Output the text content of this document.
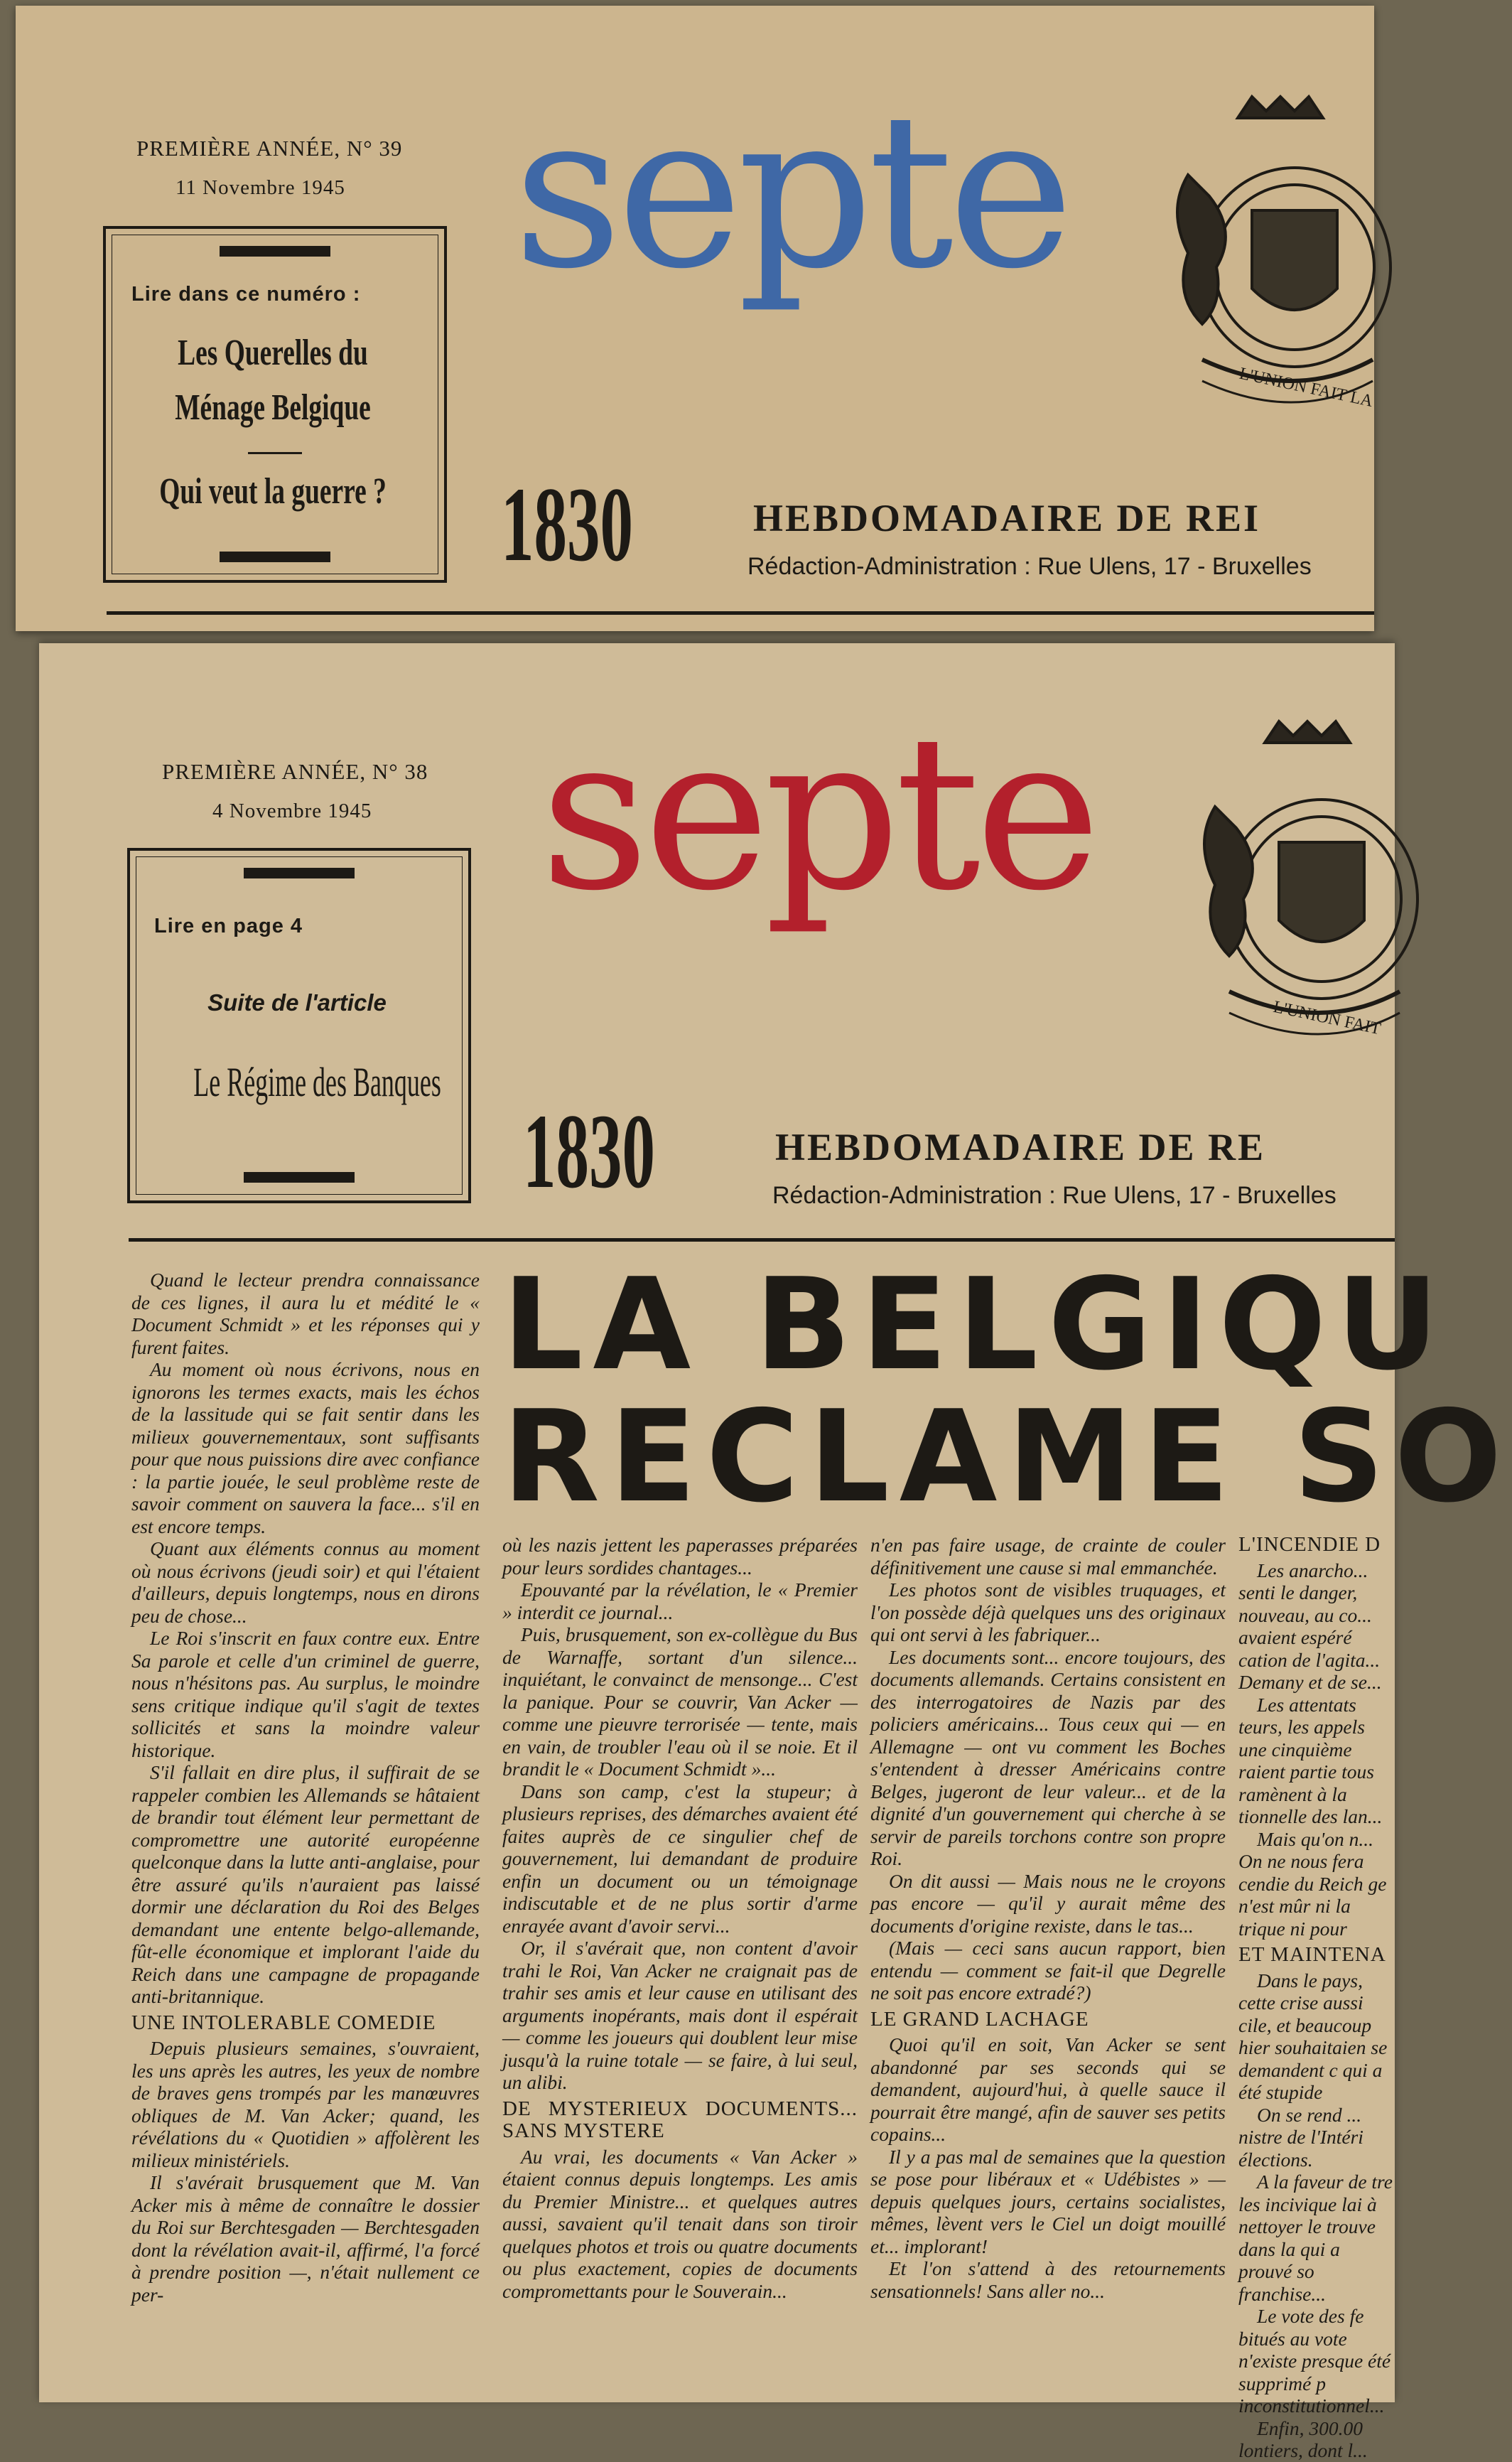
PREMIÈRE ANNÉE, N° 39
11 Novembre 1945
Lire dans ce numéro :
Les Querelles du
Ménage Belgique
Qui veut la guerre ?
septe
L'UNION FAIT LA
1830	HEBDOMADAIRE DE REI
Rédaction-Administration : Rue Ulens, 17 - Bruxelles
PREMIÈRE ANNÉE, N° 38
4 Novembre 1945
Lire en page 4
Suite de l'article
Le Régime des Banques
septe
L'UNION FAIT
1830	HEBDOMADAIRE DE RE
Rédaction-Administration : Rue Ulens, 17 - Bruxelles
LA BELGIQU
RECLAME SO

Quand le lecteur prendra connaissance de ces lignes, il aura lu et médité le « Document Schmidt » et les réponses qui y furent faites.

Au moment où nous écrivons, nous en ignorons les termes exacts, mais les échos de la lassitude qui se fait sentir dans les milieux gouvernementaux, sont suffisants pour que nous puissions dire avec confiance : la partie jouée, le seul problème reste de savoir comment on sauvera la face... s'il en est encore temps.

Quant aux éléments connus au moment où nous écrivons (jeudi soir) et qui l'étaient d'ailleurs, depuis longtemps, nous en dirons peu de chose...

Le Roi s'inscrit en faux contre eux. Entre Sa parole et celle d'un criminel de guerre, nous n'hésitons pas. Au surplus, le moindre sens critique indique qu'il s'agit de textes sollicités et sans la moindre valeur historique.

S'il fallait en dire plus, il suffirait de se rappeler combien les Allemands se hâtaient de brandir tout élément leur permettant de compromettre une autorité européenne quelconque dans la lutte anti-anglaise, pour être assuré qu'ils n'auraient pas laissé dormir une déclaration du Roi des Belges demandant une entente belgo-allemande, fût-elle économique et implorant l'aide du Reich dans une campagne de propagande anti-britannique.

UNE INTOLERABLE COMEDIE

Depuis plusieurs semaines, s'ouvraient, les uns après les autres, les yeux de nombre de braves gens trompés par les manœuvres obliques de M. Van Acker; quand, les révélations du « Quotidien » affolèrent les milieux ministériels.

Il s'avérait brusquement que M. Van Acker mis à même de connaître le dossier du Roi sur Berchtesgaden — Berchtesgaden dont la révélation avait-il, affirmé, l'a forcé à prendre position —, n'était nullement ce per-

où les nazis jettent les paperasses préparées pour leurs sordides chantages...

Epouvanté par la révélation, le « Premier » interdit ce journal...

Puis, brusquement, son ex-collègue du Bus de Warnaffe, sortant d'un silence... inquiétant, le convainct de mensonge... C'est la panique. Pour se couvrir, Van Acker — comme une pieuvre terrorisée — tente, mais en vain, de troubler l'eau où il se noie. Et il brandit le « Document Schmidt »...

Dans son camp, c'est la stupeur; à plusieurs reprises, des démarches avaient été faites auprès de ce singulier chef de gouvernement, lui demandant de produire enfin un document ou un témoignage indiscutable et de ne plus sortir d'arme enrayée avant d'avoir servi...

Or, il s'avérait que, non content d'avoir trahi le Roi, Van Acker ne craignait pas de trahir ses amis et leur cause en utilisant des arguments inopérants, mais dont il espérait — comme les joueurs qui doublent leur mise jusqu'à la ruine totale — se faire, à lui seul, un alibi.

DE MYSTERIEUX DOCUMENTS... SANS MYSTERE

Au vrai, les documents « Van Acker » étaient connus depuis longtemps. Les amis du Premier Ministre... et quelques autres aussi, savaient qu'il tenait dans son tiroir quelques photos et trois ou quatre documents ou plus exactement, copies de documents compromettants pour le Souverain...

n'en pas faire usage, de crainte de couler définitivement une cause si mal emmanchée.

Les photos sont de visibles truquages, et l'on possède déjà quelques uns des originaux qui ont servi à les fabriquer...

Les documents sont... encore toujours, des documents allemands. Certains consistent en des interrogatoires de Nazis par des policiers américains... Tous ceux qui — en Allemagne — ont vu comment les Boches s'entendent à dresser Américains contre Belges, jugeront de leur valeur... et de la dignité d'un gouvernement qui cherche à se servir de pareils torchons contre son propre Roi.

On dit aussi — Mais nous ne le croyons pas encore — qu'il y aurait même des documents d'origine rexiste, dans le tas...

(Mais — ceci sans aucun rapport, bien entendu — comment se fait-il que Degrelle ne soit pas encore extradé?)

LE GRAND LACHAGE

Quoi qu'il en soit, Van Acker se sent abandonné par ses seconds qui se demandent, aujourd'hui, à quelle sauce il pourrait être mangé, afin de sauver ses petits copains...

Il y a pas mal de semaines que la question se pose pour libéraux et « Udébistes » — depuis quelques jours, certains socialistes, mêmes, lèvent vers le Ciel un doigt mouillé et... implorant!

Et l'on s'attend à des retournements sensationnels! Sans aller no...

L'INCENDIE D

Les anarcho... senti le danger, nouveau, au co... avaient espéré cation de l'agita... Demany et de se...

Les attentats teurs, les appels une cinquième raient partie tous ramènent à la tionnelle des lan...

Mais qu'on n... On ne nous fera cendie du Reich ge n'est mûr ni la trique ni pour

ET MAINTENA

Dans le pays, cette crise aussi cile, et beaucoup hier souhaitaien se demandent c qui a été stupide

On se rend ... nistre de l'Intéri élections.

A la faveur de tre les incivique lai à nettoyer le trouve dans la qui a prouvé so franchise...

Le vote des fe bitués au vote n'existe presque été supprimé p inconstitutionnel...

Enfin, 300.00 lontiers, dont l...
